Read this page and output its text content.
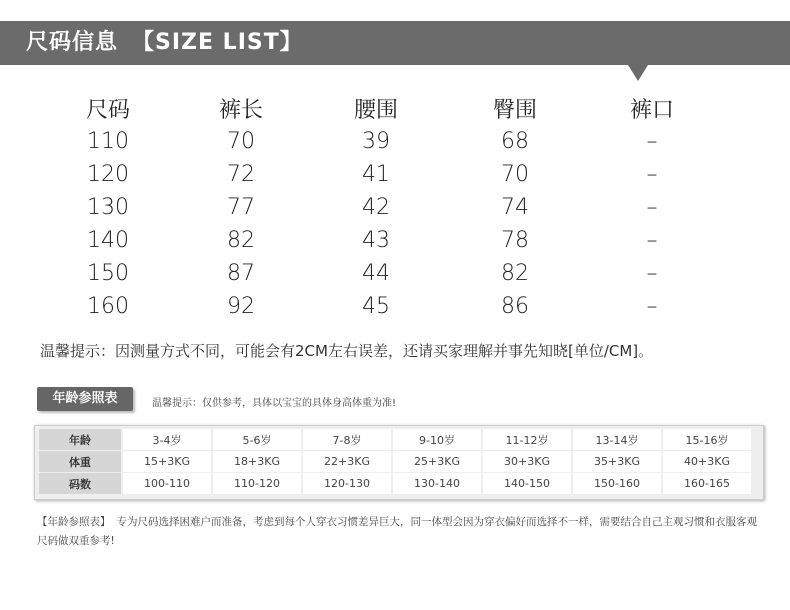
尺码信息 【SIZE LIST】
尺码	裤长	腰围	臀围	裤口
110	70	39	68	–
120	72	41	70	–
130	77	42	74	–
140	82	43	78	–
150	87	44	82	–
160	92	45	86	–
温馨提示：因测量方式不同，可能会有2CM左右误差，还请买家理解并事先知晓[单位/CM]。
年龄参照表	温馨提示：仅供参考，具体以宝宝的具体身高体重为准!
年龄	3-4岁	5-6岁	7-8岁	9-10岁	11-12岁	13-14岁	15-16岁
体重	15+3KG	18+3KG	22+3KG	25+3KG	30+3KG	35+3KG	40+3KG
码数	100-110	110-120	120-130	130-140	140-150	150-160	160-165
【年龄参照表】 专为尺码选择困难户而准备，考虑到每个人穿衣习惯差异巨大，同一体型会因为穿衣偏好而选择不一样，需要结合自己主观习惯和衣服客观尺码做双重参考!
